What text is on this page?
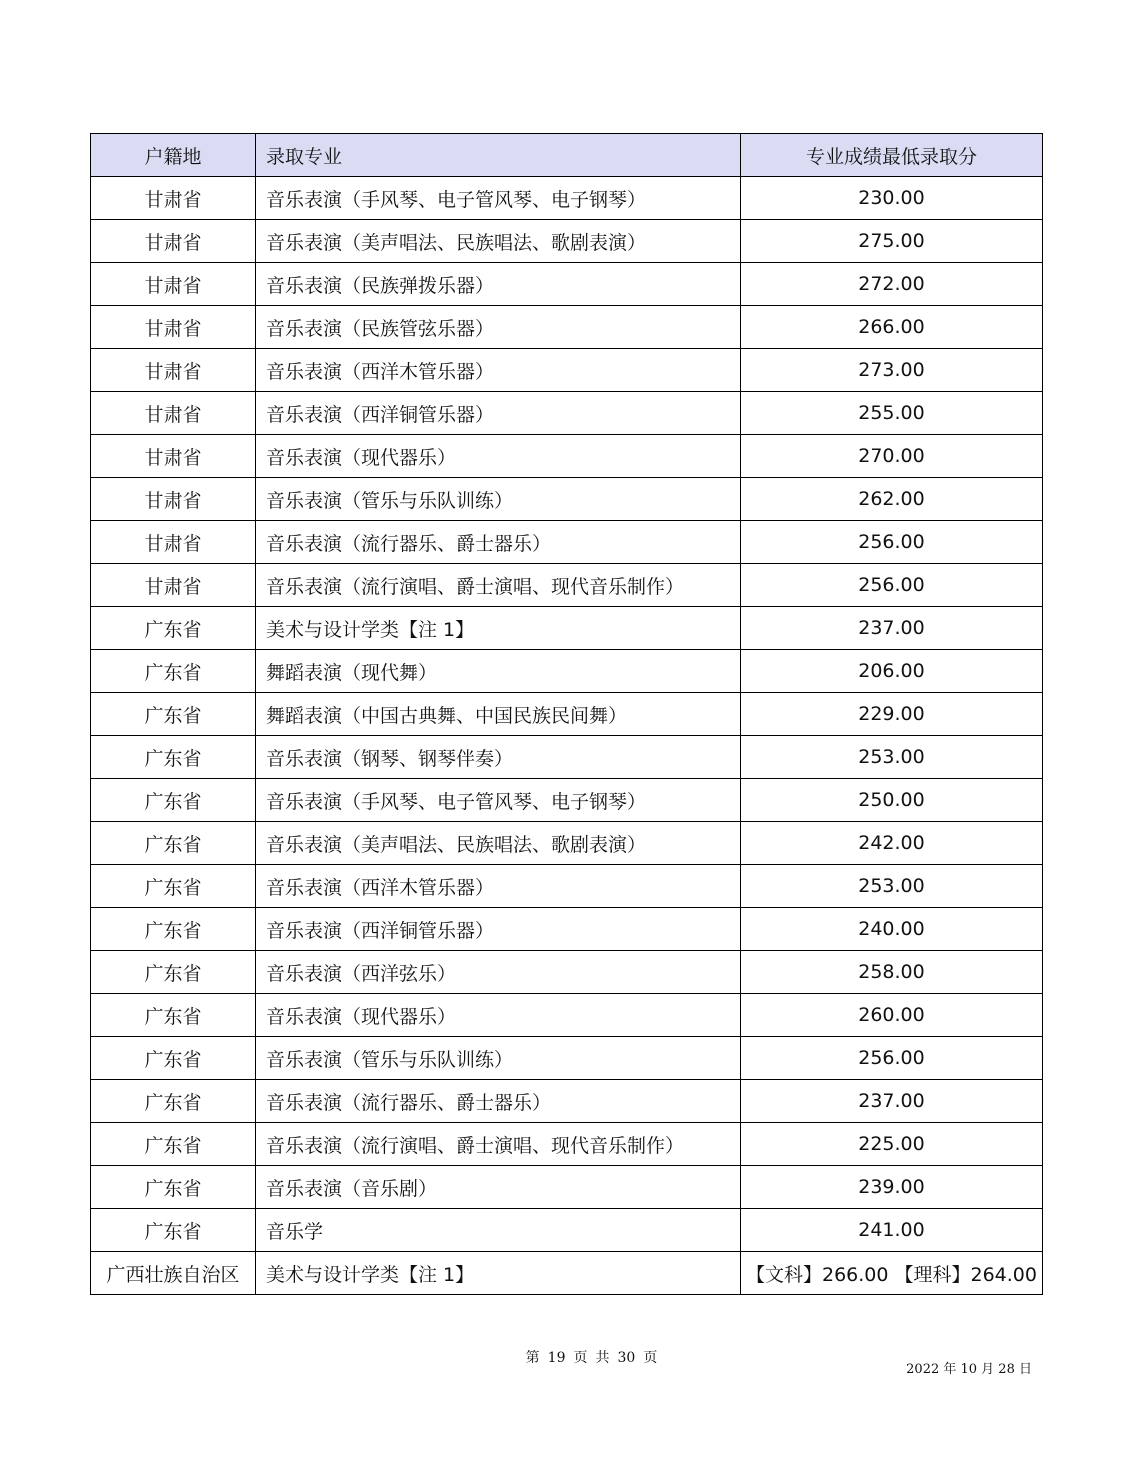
户籍地	录取专业	专业成绩最低录取分
甘肃省	音乐表演（手风琴、电子管风琴、电子钢琴）	230.00
甘肃省	音乐表演（美声唱法、民族唱法、歌剧表演）	275.00
甘肃省	音乐表演（民族弹拨乐器）	272.00
甘肃省	音乐表演（民族管弦乐器）	266.00
甘肃省	音乐表演（西洋木管乐器）	273.00
甘肃省	音乐表演（西洋铜管乐器）	255.00
甘肃省	音乐表演（现代器乐）	270.00
甘肃省	音乐表演（管乐与乐队训练）	262.00
甘肃省	音乐表演（流行器乐、爵士器乐）	256.00
甘肃省	音乐表演（流行演唱、爵士演唱、现代音乐制作）	256.00
广东省	美术与设计学类【注 1】	237.00
广东省	舞蹈表演（现代舞）	206.00
广东省	舞蹈表演（中国古典舞、中国民族民间舞）	229.00
广东省	音乐表演（钢琴、钢琴伴奏）	253.00
广东省	音乐表演（手风琴、电子管风琴、电子钢琴）	250.00
广东省	音乐表演（美声唱法、民族唱法、歌剧表演）	242.00
广东省	音乐表演（西洋木管乐器）	253.00
广东省	音乐表演（西洋铜管乐器）	240.00
广东省	音乐表演（西洋弦乐）	258.00
广东省	音乐表演（现代器乐）	260.00
广东省	音乐表演（管乐与乐队训练）	256.00
广东省	音乐表演（流行器乐、爵士器乐）	237.00
广东省	音乐表演（流行演唱、爵士演唱、现代音乐制作）	225.00
广东省	音乐表演（音乐剧）	239.00
广东省	音乐学	241.00
广西壮族自治区	美术与设计学类【注 1】	【文科】266.00 【理科】264.00
第 19 页 共 30 页
2022 年 10 月 28 日
